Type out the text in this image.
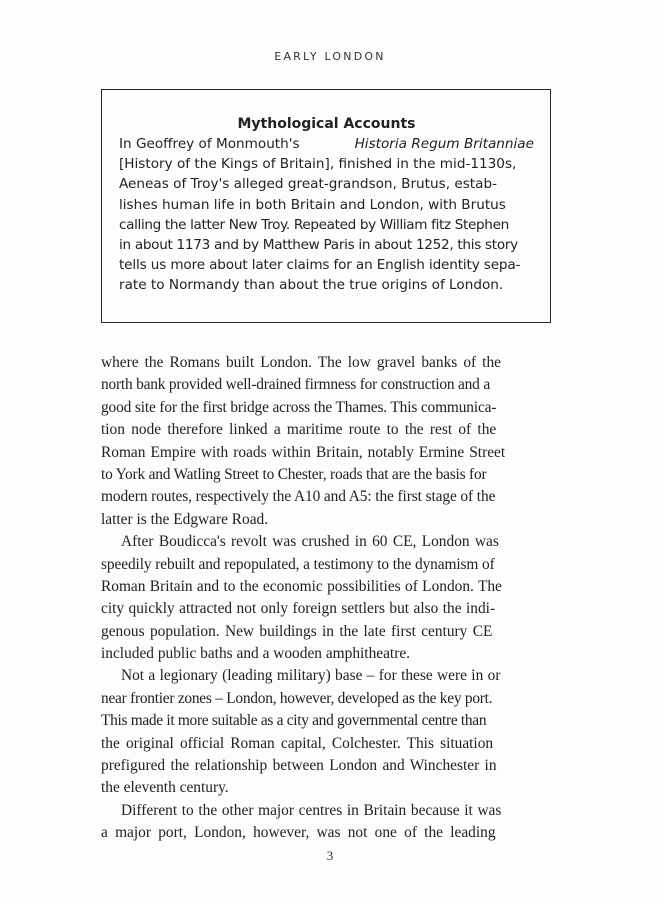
EARLY LONDON

Mythological Accounts

In Geoffrey of Monmouth's	Historia Regum Britanniae

[History of the Kings of Britain], finished in the mid-1130s,

Aeneas of Troy's alleged great-grandson, Brutus, estab-

lishes human life in both Britain and London, with Brutus

calling the latter New Troy. Repeated by William fitz Stephen

in about 1173 and by Matthew Paris in about 1252, this story

tells us more about later claims for an English identity sepa-

rate to Normandy than about the true origins of London.

where the Romans built London. The low gravel banks of the

north bank provided well-drained firmness for construction and a

good site for the first bridge across the Thames. This communica-

tion node therefore linked a maritime route to the rest of the

Roman Empire with roads within Britain, notably Ermine Street

to York and Watling Street to Chester, roads that are the basis for

modern routes, respectively the A10 and A5: the first stage of the

latter is the Edgware Road.

After Boudicca's revolt was crushed in 60 CE, London was

speedily rebuilt and repopulated, a testimony to the dynamism of

Roman Britain and to the economic possibilities of London. The

city quickly attracted not only foreign settlers but also the indi-

genous population. New buildings in the late first century CE

included public baths and a wooden amphitheatre.

Not a legionary (leading military) base – for these were in or

near frontier zones – London, however, developed as the key port.

This made it more suitable as a city and governmental centre than

the original official Roman capital, Colchester. This situation

prefigured the relationship between London and Winchester in

the eleventh century.

Different to the other major centres in Britain because it was

a major port, London, however, was not one of the leading

3
